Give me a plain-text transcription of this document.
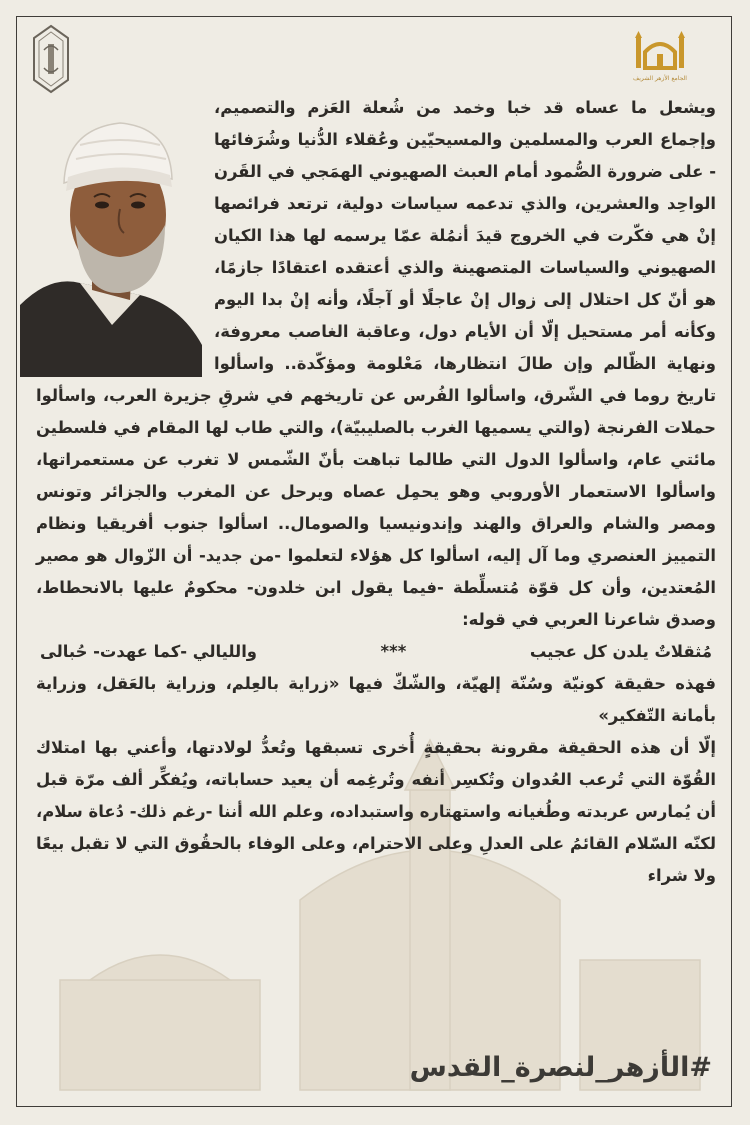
الجامع الأزهر الشريف

ويشعل ما عساه قد خبا وخمد من شُعلة العَزم والتصميم، وإجماع العرب والمسلمين والمسيحيّين وعُقلاء الدُّنيا وشُرَفائها - على ضرورة الصُّمود أمام العبث الصهيوني الهمَجي في القَرن الواحِد والعشرين، والذي تدعمه سياسات دولية، ترتعد فرائصها إنْ هي فكّرت في الخروج قيدَ أنمُلة عمّا يرسمه لها هذا الكيان الصهيوني والسياسات المتصهينة والذي أعتقده اعتقادًا جازمًا، هو أنّ كل احتلال إلى زوال إنْ عاجلًا أو آجلًا، وأنه إنْ بدا اليوم وكأنه أمر مستحيل إلّا أن الأيام دول، وعاقبة الغاصب معروفة، ونهاية الظّالم وإن طالَ انتظارها، مَعْلومة ومؤكّدة.. واسألوا تاريخ روما في الشّرق، واسألوا الفُرس عن تاريخهم في شرقِ جزيرة العرب، واسألوا حملات الفرنجة (والتي يسميها الغرب بالصليبيّة)، والتي طاب لها المقام في فلسطين مائتي عام، واسألوا الدول التي طالما تباهت بأنّ الشّمس لا تغرب عن مستعمراتها، واسألوا الاستعمار الأوروبي وهو يحمِل عصاه ويرحل عن المغرب والجزائر وتونس ومصر والشام والعراق والهند وإندونيسيا والصومال.. اسألوا جنوب أفريقيا ونظام التمييز العنصري وما آل إليه، اسألوا كل هؤلاء لتعلموا -من جديد- أن الزّوال هو مصير المُعتدين، وأن كل قوّة مُتسلِّطة -فيما يقول ابن خلدون- محكومٌ عليها بالانحطاط، وصدق شاعرنا العربي في قوله:

مُثقلاتٌ يلدن كل عجيب
***
والليالي -كما عهدت- حُبالى

فهذه حقيقة كونيّة وسُنّة إلهيّة، والشّكّ فيها «زراية بالعِلم، وزراية بالعَقل، وزراية بأمانة التّفكير»

إلّا أن هذه الحقيقة مقرونة بحقيقةٍ أُخرى تسبقها وتُعدُّ لولادتها، وأعني بها امتلاك القُوّة التي تُرعب العُدوان وتُكسِر أنفه وتُرغِمه أن يعيد حساباته، ويُفكِّر ألف مرّة قبل أن يُمارس عربدته وطُغيانه واستهتاره واستبداده، وعلم الله أننا -رغم ذلك- دُعاة سلام، لكنّه السّلام القائمُ على العدلِ وعلى الاحترام، وعلى الوفاء بالحقُوق التي لا تقبل بيعًا ولا شراء

#الأزهر_لنصرة_القدس
